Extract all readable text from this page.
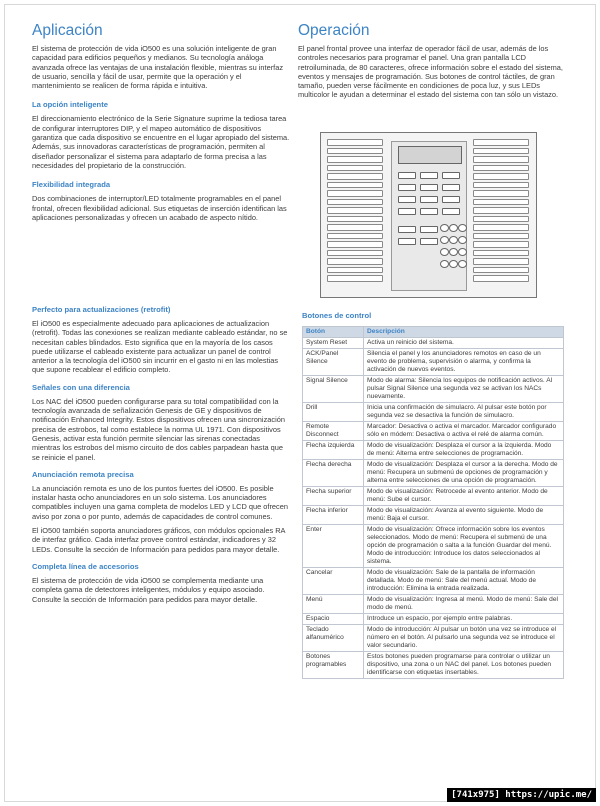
Aplicación

El sistema de protección de vida iO500 es una solución inteligente de gran capacidad para edificios pequeños y medianos. Su tecnología análoga avanzada ofrece las ventajas de una instalación flexible, mientras su interfaz de usuario, sencilla y fácil de usar, permite que la operación y el mantenimiento se realicen de forma rápida e intuitiva.

La opción inteligente

El direccionamiento electrónico de la Serie Signature suprime la tediosa tarea de configurar interruptores DIP, y el mapeo automático de dispositivos garantiza que cada dispositivo se encuentre en el lugar apropiado del sistema. Además, sus innovadoras características de programación, permiten al diseñador personalizar el sistema para adaptarlo de forma precisa a las necesidades del propietario de la construcción.

Flexibilidad integrada

Dos combinaciones de interruptor/LED totalmente programables en el panel frontal, ofrecen flexibilidad adicional. Sus etiquetas de inserción identifican las aplicaciones personalizadas y ofrecen un acabado de aspecto nítido.

Operación

El panel frontal provee una interfaz de operador fácil de usar, además de los controles necesarios para programar el panel. Una gran pantalla LCD retroiluminada, de 80 caracteres, ofrece información sobre el estado del sistema, eventos y mensajes de programación. Sus botones de control táctiles, de gran tamaño, pueden verse fácilmente en condiciones de poca luz, y sus LEDs multicolor le ayudan a determinar el estado del sistema con tan sólo un vistazo.

Perfecto para actualizaciones (retrofit)

El iO500 es especialmente adecuado para aplicaciones de actualizacion (retrofit). Todas las conexiones se realizan mediante cableado estándar, no se necesitan cables blindados. Esto significa que en la mayoría de los casos puede utilizarse el cableado existente para actualizar un panel de control anterior a la tecnología del iO500 sin incurrir en el gasto ni en las molestias que supone recablear el edificio completo.

Señales con una diferencia

Los NAC del iO500 pueden configurarse para su total compatibilidad con la tecnología avanzada de señalización Genesis de GE y dispositivos de notificación Enhanced Integrity. Estos dispositivos ofrecen una sincronización precisa de estrobos, tal como establece la norma UL 1971. Con dispositivos Genesis, activar esta función permite silenciar las sirenas conectadas mientras los estrobos del mismo circuito de dos cables parpadean hasta que se reinicie el panel.

Anunciación remota precisa

La anunciación remota es uno de los puntos fuertes del iO500. Es posible instalar hasta ocho anunciadores en un solo sistema. Los anunciadores compatibles incluyen una gama completa de modelos LED y LCD que ofrecen aviso por zona o por punto, además de capacidades de control comunes.

El iO500 también soporta anunciadores gráficos, con módulos opcionales RA de interfaz gráfico. Cada interfaz provee control estándar, indicadores y 32 LEDs. Consulte la sección de Información para pedidos para mayor detalle.

Completa línea de accesorios

El sistema de protección de vida iO500 se complementa mediante una completa gama de detectores inteligentes, módulos y equipo asociado. Consulte la sección de Información para pedidos para mayor detalle.

Botones de control
Botón	Descripción
System Reset	Activa un reinicio del sistema.
ACK/Panel Silence	Silencia el panel y los anunciadores remotos en caso de un evento de problema, supervisión o alarma, y confirma la activación de nuevos eventos.
Signal Silence	Modo de alarma: Silencia los equipos de notificación activos. Al pulsar Signal Silence una segunda vez se activan los NACs nuevamente.
Drill	Inicia una confirmación de simulacro. Al pulsar este botón por segunda vez se desactiva la función de simulacro.
Remote Disconnect	Marcador: Desactiva o activa el marcador. Marcador configurado sólo en módem: Desactiva o activa el relé de alarma común.
Flecha izquierda	Modo de visualización: Desplaza el cursor a la izquierda. Modo de menú: Alterna entre selecciones de programación.
Flecha derecha	Modo de visualización: Desplaza el cursor a la derecha. Modo de menú: Recupera un submenú de opciones de programación y alterna entre selecciones de una opción de programación.
Flecha superior	Modo de visualización: Retrocede al evento anterior. Modo de menú: Sube el cursor.
Flecha inferior	Modo de visualización: Avanza al evento siguiente. Modo de menú: Baja el cursor.
Enter	Modo de visualización: Ofrece información sobre los eventos seleccionados. Modo de menú: Recupera el submenú de una opción de programación o salta a la función Guardar del menú. Modo de introducción: Introduce los datos seleccionados al sistema.
Cancelar	Modo de visualización: Sale de la pantalla de información detallada. Modo de menú: Sale del menú actual. Modo de introducción: Elimina la entrada realizada.
Menú	Modo de visualización: Ingresa al menú. Modo de menú: Sale del modo de menú.
Espacio	Introduce un espacio, por ejemplo entre palabras.
Teclado alfanumérico	Modo de introducción: Al pulsar un botón una vez se introduce el número en el botón. Al pulsarlo una segunda vez se introduce el valor secundario.
Botones programables	Estos botones pueden programarse para controlar o utilizar un dispositivo, una zona o un NAC del panel. Los botones pueden identificarse con etiquetas insertables.
[741x975] https://upic.me/
